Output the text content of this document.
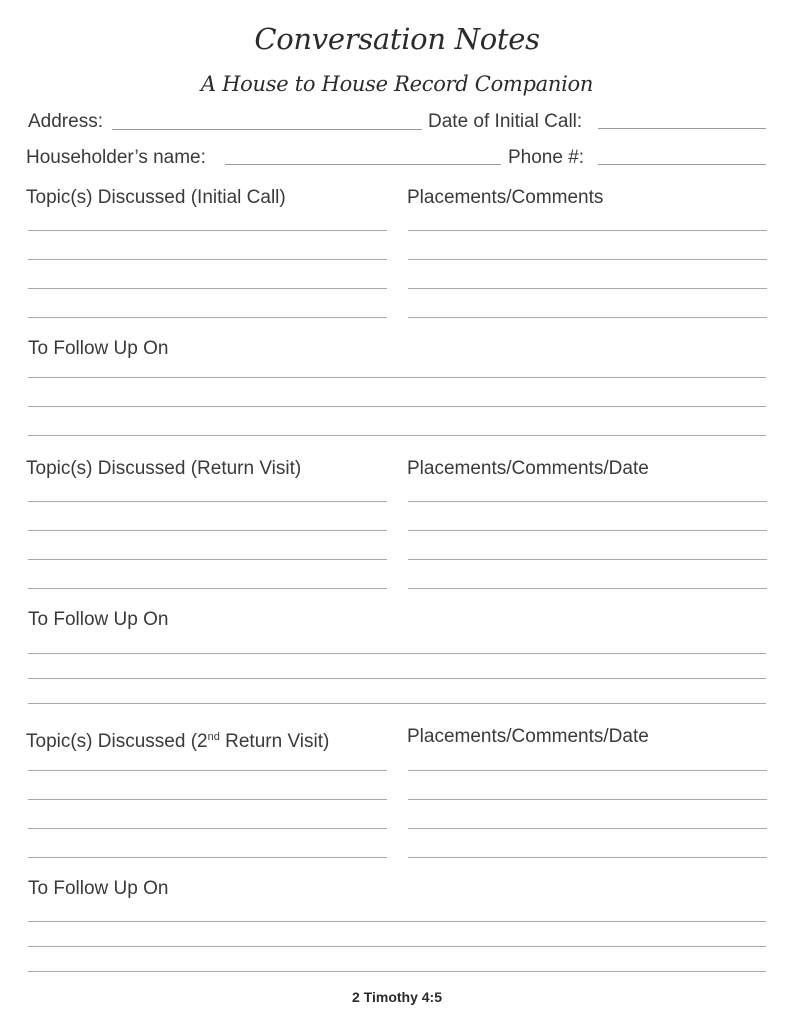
Conversation Notes
A House to House Record Companion
Address:	Date of Initial Call:
Householder’s name:	Phone #:
Topic(s) Discussed (Initial Call)	Placements/Comments
To Follow Up On
Topic(s) Discussed (Return Visit)	Placements/Comments/Date
To Follow Up On
Topic(s) Discussed (2nd Return Visit)	Placements/Comments/Date
To Follow Up On
2 Timothy 4:5
